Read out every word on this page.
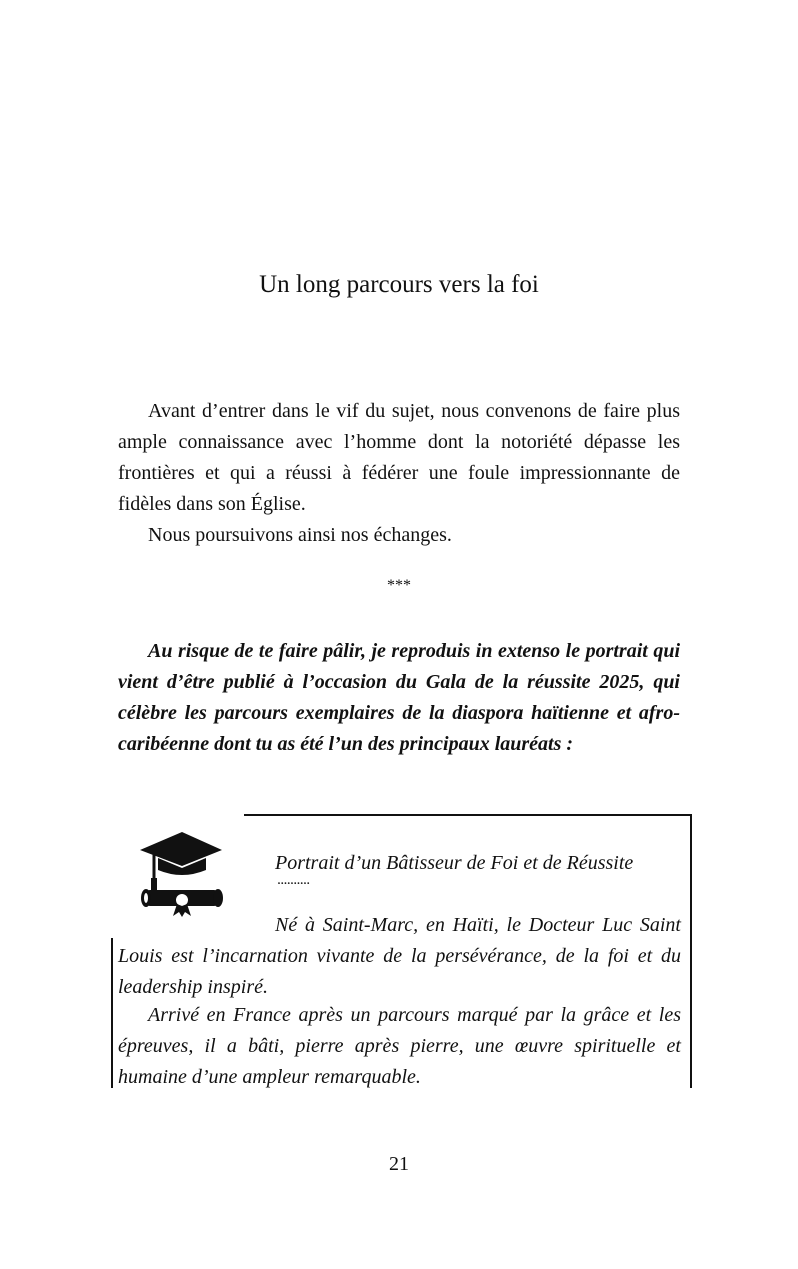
Un long parcours vers la foi

Avant d’entrer dans le vif du sujet, nous convenons de faire plus ample connaissance avec l’homme dont la notoriété dépasse les frontières et qui a réussi à fédérer une foule impressionnante de fidèles dans son Église.

Nous poursuivons ainsi nos échanges.

***

Au risque de te faire pâlir, je reproduis in extenso le portrait qui vient d’être publié à l’occasion du Gala de la réussite 2025, qui célèbre les parcours exemplaires de la diaspora haïtienne et afro-caribéenne dont tu as été l’un des principaux lauréats :

Portrait d’un Bâtisseur de Foi et de Réussite
..........

Né à Saint-Marc, en Haïti, le Docteur Luc Saint Louis est l’incarnation vivante de la persévérance, de la foi et du leadership inspiré.

Arrivé en France après un parcours marqué par la grâce et les épreuves, il a bâti, pierre après pierre, une œuvre spirituelle et humaine d’une ampleur remarquable.

21
